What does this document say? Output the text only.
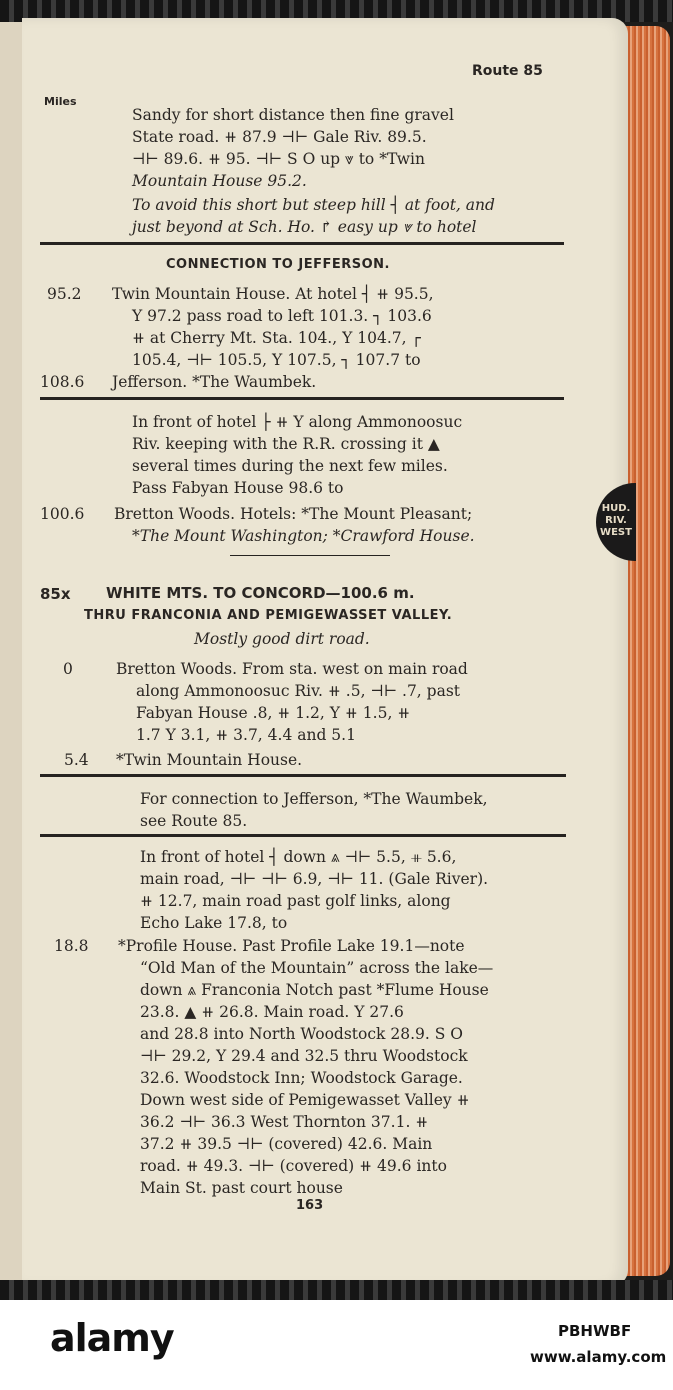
Route 85
Miles
Sandy for short distance then fine gravel
State road. ⧺ 87.9 ⊣⊢ Gale Riv. 89.5.
⊣⊢ 89.6. ⧺ 95. ⊣⊢ S O up ⩔ to *Twin
Mountain House 95.2.
To avoid this short but steep hill ┤ at foot, and
just beyond at Sch. Ho. ↱ easy up ⩔ to hotel
CONNECTION TO JEFFERSON.
95.2 Twin Mountain House. At hotel ┤ ⧺ 95.5,
Y 97.2 pass road to left 101.3. ┐ 103.6
⧺ at Cherry Mt. Sta. 104., Y 104.7, ┌
105.4, ⊣⊢ 105.5, Y 107.5, ┐ 107.7 to
108.6 Jefferson. *The Waumbek.
In front of hotel ├ ⧺ Y along Ammonoosuc
Riv. keeping with the R.R. crossing it ▲
several times during the next few miles.
Pass Fabyan House 98.6 to
100.6 Bretton Woods. Hotels: *The Mount Pleasant;
*The Mount Washington; *Crawford House.
85x WHITE MTS. TO CONCORD—100.6 m.
THRU FRANCONIA AND PEMIGEWASSET VALLEY.
Mostly good dirt road.
0	Bretton Woods. From sta. west on main road
along Ammonoosuc Riv. ⧺ .5, ⊣⊢ .7, past
Fabyan House .8, ⧺ 1.2, Y ⧺ 1.5, ⧺
1.7 Y 3.1, ⧺ 3.7, 4.4 and 5.1
5.4 *Twin Mountain House.
For connection to Jefferson, *The Waumbek,
see Route 85.
In front of hotel ┤ down ⩓ ⊣⊢ 5.5, ⧺ 5.6,
main road, ⊣⊢ ⊣⊢ 6.9, ⊣⊢ 11. (Gale River).
⧺ 12.7, main road past golf links, along
Echo Lake 17.8, to
18.8 *Profile House. Past Profile Lake 19.1—note
“Old Man of the Mountain” across the lake—
down ⩓ Franconia Notch past *Flume House
23.8. ▲ ⧺ 26.8. Main road. Y 27.6
and 28.8 into North Woodstock 28.9. S O
⊣⊢ 29.2, Y 29.4 and 32.5 thru Woodstock
32.6. Woodstock Inn; Woodstock Garage.
Down west side of Pemigewasset Valley ⧺
36.2 ⊣⊢ 36.3 West Thornton 37.1. ⧺
37.2 ⧺ 39.5 ⊣⊢ (covered) 42.6. Main
road. ⧺ 49.3. ⊣⊢ (covered) ⧺ 49.6 into
Main St. past court house
163
HUD. RIV. WEST
alamy	PBHWBF
www.alamy.com
